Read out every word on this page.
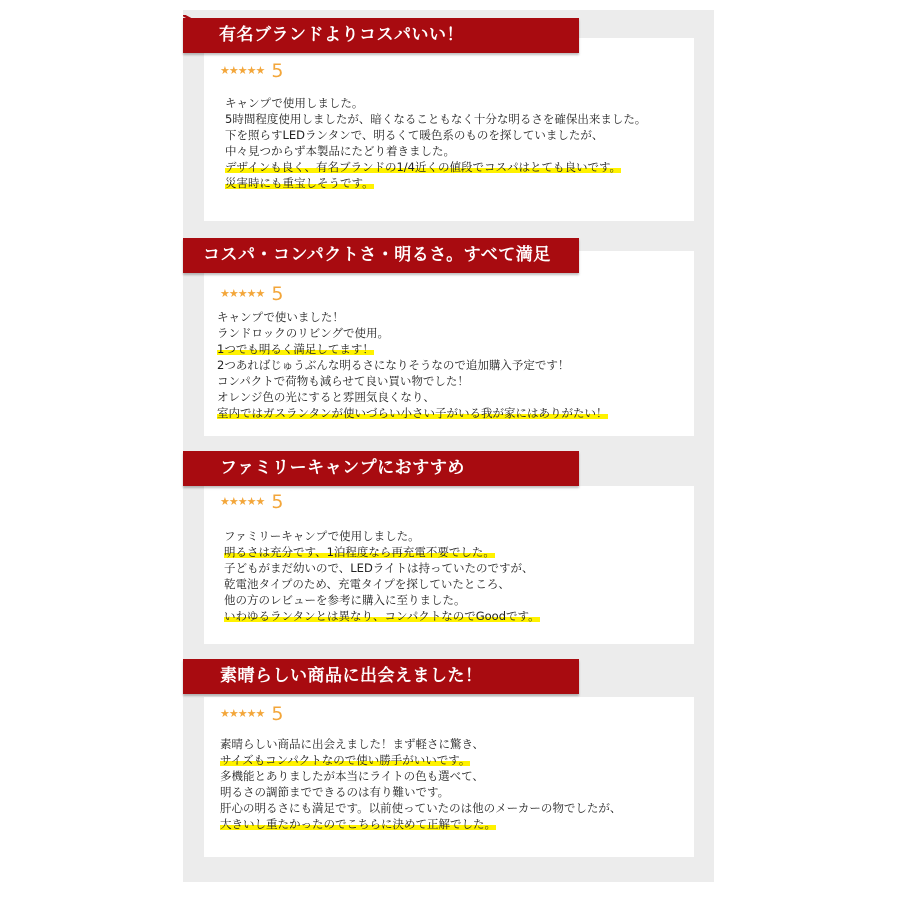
有名ブランドよりコスパいい！
★★★★★ 5
キャンプで使用しました。
5時間程度使用しましたが、暗くなることもなく十分な明るさを確保出来ました。
下を照らすLEDランタンで、明るくて暖色系のものを探していましたが、
中々見つからず本製品にたどり着きました。
デザインも良く、有名ブランドの1/4近くの値段でコスパはとても良いです。
災害時にも重宝しそうです。
コスパ・コンパクトさ・明るさ。すべて満足
★★★★★ 5
キャンプで使いました！
ランドロックのリビングで使用。
1つでも明るく満足してます！
2つあればじゅうぶんな明るさになりそうなので追加購入予定です！
コンパクトで荷物も減らせて良い買い物でした！
オレンジ色の光にすると雰囲気良くなり、
室内ではガスランタンが使いづらい小さい子がいる我が家にはありがたい！
ファミリーキャンプにおすすめ
★★★★★ 5
ファミリーキャンプで使用しました。
明るさは充分です、1泊程度なら再充電不要でした。
子どもがまだ幼いので、LEDライトは持っていたのですが、
乾電池タイプのため、充電タイプを探していたところ、
他の方のレビューを参考に購入に至りました。
いわゆるランタンとは異なり、コンパクトなのでGoodです。
素晴らしい商品に出会えました！
★★★★★ 5
素晴らしい商品に出会えました！まず軽さに驚き、
サイズもコンパクトなので使い勝手がいいです。
多機能とありましたが本当にライトの色も選べて、
明るさの調節までできるのは有り難いです。
肝心の明るさにも満足です。以前使っていたのは他のメーカーの物でしたが、
大きいし重たかったのでこちらに決めて正解でした。
